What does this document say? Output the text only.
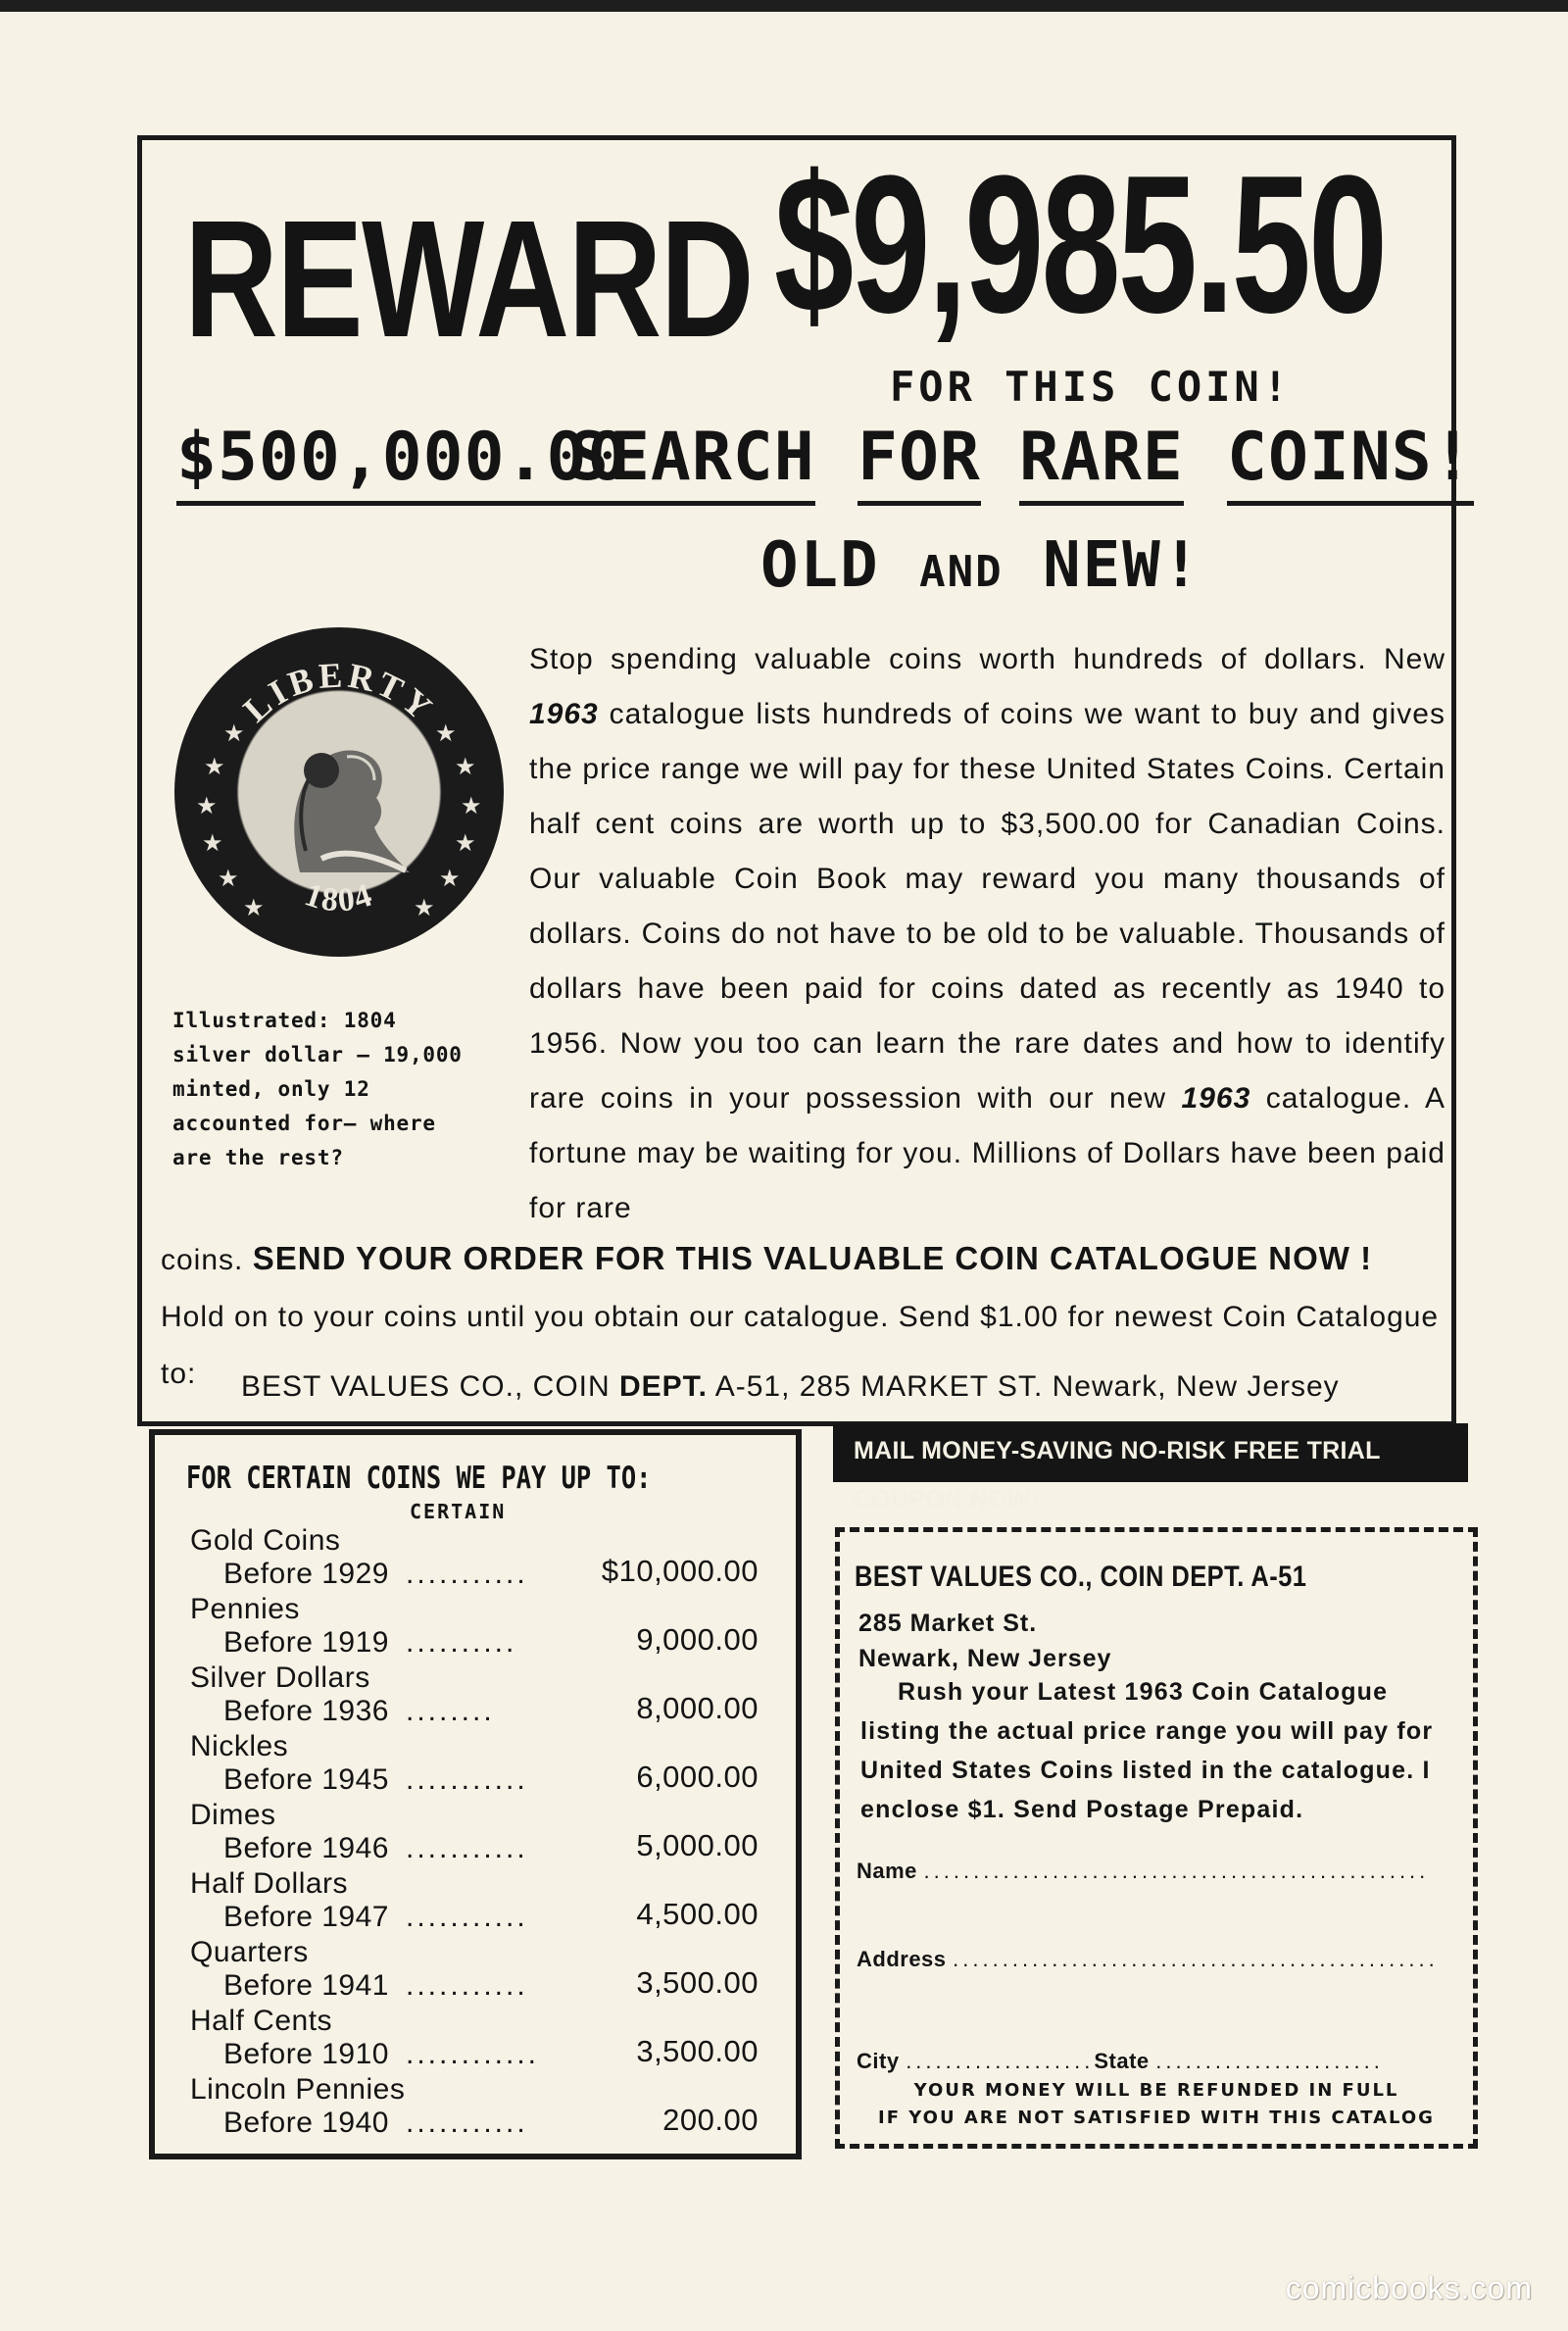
REWARD $9,985.50
FOR THIS COIN!
$500,000.00
SEARCH FOR RARE COINS!
OLD AND NEW!
★
★
★
★
★
★
★
★
★
★
★
★
LIBERTY
1804

Illustrated: 1804 silver dollar — 19,000 minted, only 12 accounted for— where are the rest?

Stop spending valuable coins worth hundreds of dollars. New 1963 catalogue lists hundreds of coins we want to buy and gives the price range we will pay for these United States Coins. Certain half cent coins are worth up to $3,500.00 for Canadian Coins. Our valuable Coin Book may reward you many thousands of dollars. Coins do not have to be old to be valuable. Thousands of dollars have been paid for coins dated as recently as 1940 to 1956. Now you too can learn the rare dates and how to identify rare coins in your possession with our new 1963 catalogue. A fortune may be waiting for you. Millions of Dollars have been paid for rare

coins. SEND YOUR ORDER FOR THIS VALUABLE COIN CATALOGUE NOW ! Hold on to your coins until you obtain our catalogue. Send $1.00 for newest Coin Catalogue to:	BEST VALUES CO., COIN DEPT. A-51, 285 MARKET ST. Newark, New Jersey
FOR CERTAIN COINS WE PAY UP TO:
CERTAIN
Gold Coins
Before 1929 ........... $10,000.00
Pennies
Before 1919 ..........	9,000.00
Silver Dollars
Before 1936 ........	8,000.00
Nickles
Before 1945 ...........	6,000.00
Dimes
Before 1946 ...........	5,000.00
Half Dollars
Before 1947 ...........	4,500.00
Quarters
Before 1941 ...........	3,500.00
Half Cents
Before 1910 ............	3,500.00
Lincoln Pennies
Before 1940 ...........	200.00
MAIL MONEY-SAVING NO-RISK FREE TRIAL COUPON NOW!
BEST VALUES CO., COIN DEPT. A-51
285 Market St.
Newark, New Jersey

Rush your Latest 1963 Coin Catalogue listing the actual price range you will pay for United States Coins listed in the catalogue. I enclose $1. Send Postage Prepaid.

Name ...................................................
Address .................................................
City ...................State .......................
YOUR MONEY WILL BE REFUNDED IN FULL
IF YOU ARE NOT SATISFIED WITH THIS CATALOG
comicbooks.com
